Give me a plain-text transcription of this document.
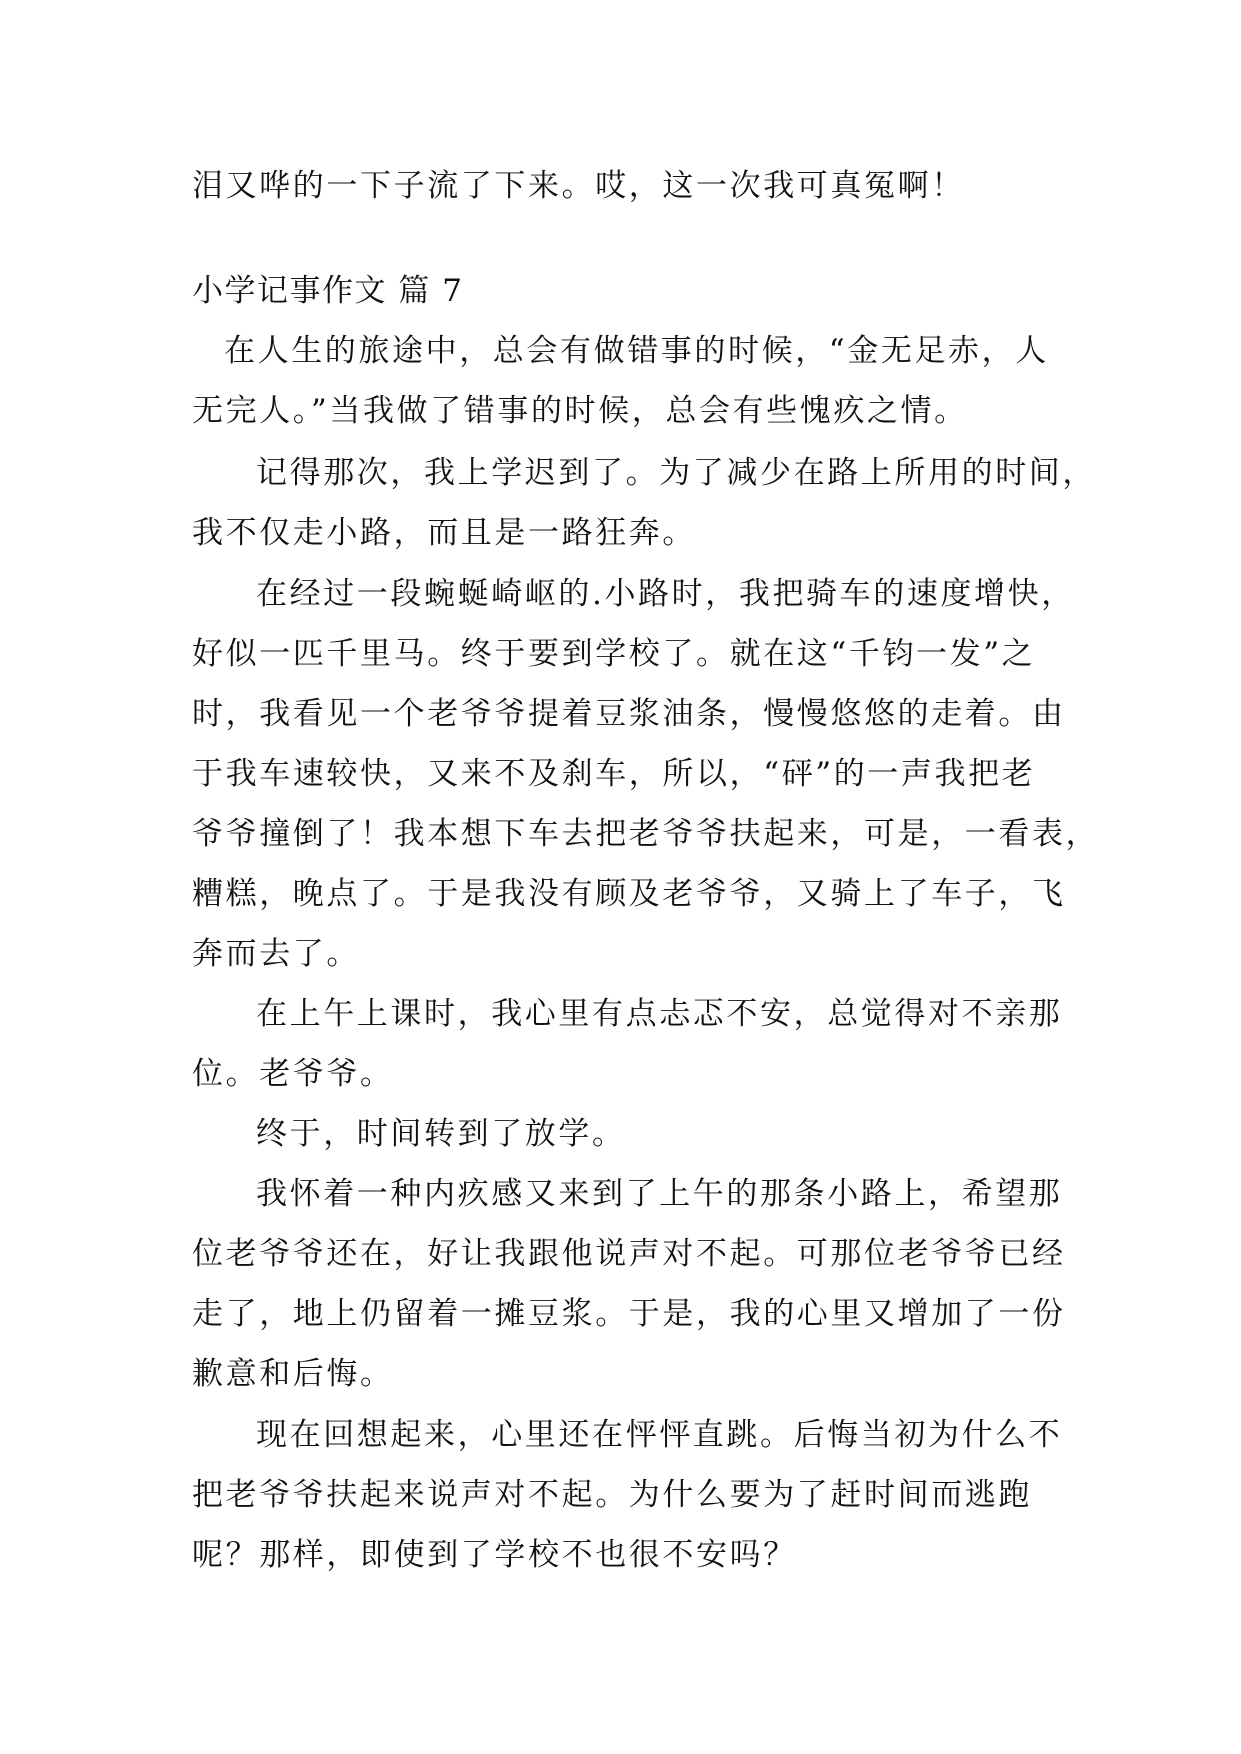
泪又哗的一下子流了下来。哎，这一次我可真冤啊！
小学记事作文 篇 7
在人生的旅途中，总会有做错事的时候，“金无足赤，人
无完人。”当我做了错事的时候，总会有些愧疚之情。
记得那次，我上学迟到了。为了减少在路上所用的时间，
我不仅走小路，而且是一路狂奔。
在经过一段蜿蜒崎岖的.小路时，我把骑车的速度增快，
好似一匹千里马。终于要到学校了。就在这“千钧一发”之
时，我看见一个老爷爷提着豆浆油条，慢慢悠悠的走着。由
于我车速较快，又来不及刹车，所以，“砰”的一声我把老
爷爷撞倒了！我本想下车去把老爷爷扶起来，可是，一看表，
糟糕，晚点了。于是我没有顾及老爷爷，又骑上了车子，飞
奔而去了。
在上午上课时，我心里有点忐忑不安，总觉得对不亲那
位。老爷爷。
终于，时间转到了放学。
我怀着一种内疚感又来到了上午的那条小路上，希望那
位老爷爷还在，好让我跟他说声对不起。可那位老爷爷已经
走了，地上仍留着一摊豆浆。于是，我的心里又增加了一份
歉意和后悔。
现在回想起来，心里还在怦怦直跳。后悔当初为什么不
把老爷爷扶起来说声对不起。为什么要为了赶时间而逃跑
呢？那样，即使到了学校不也很不安吗？
